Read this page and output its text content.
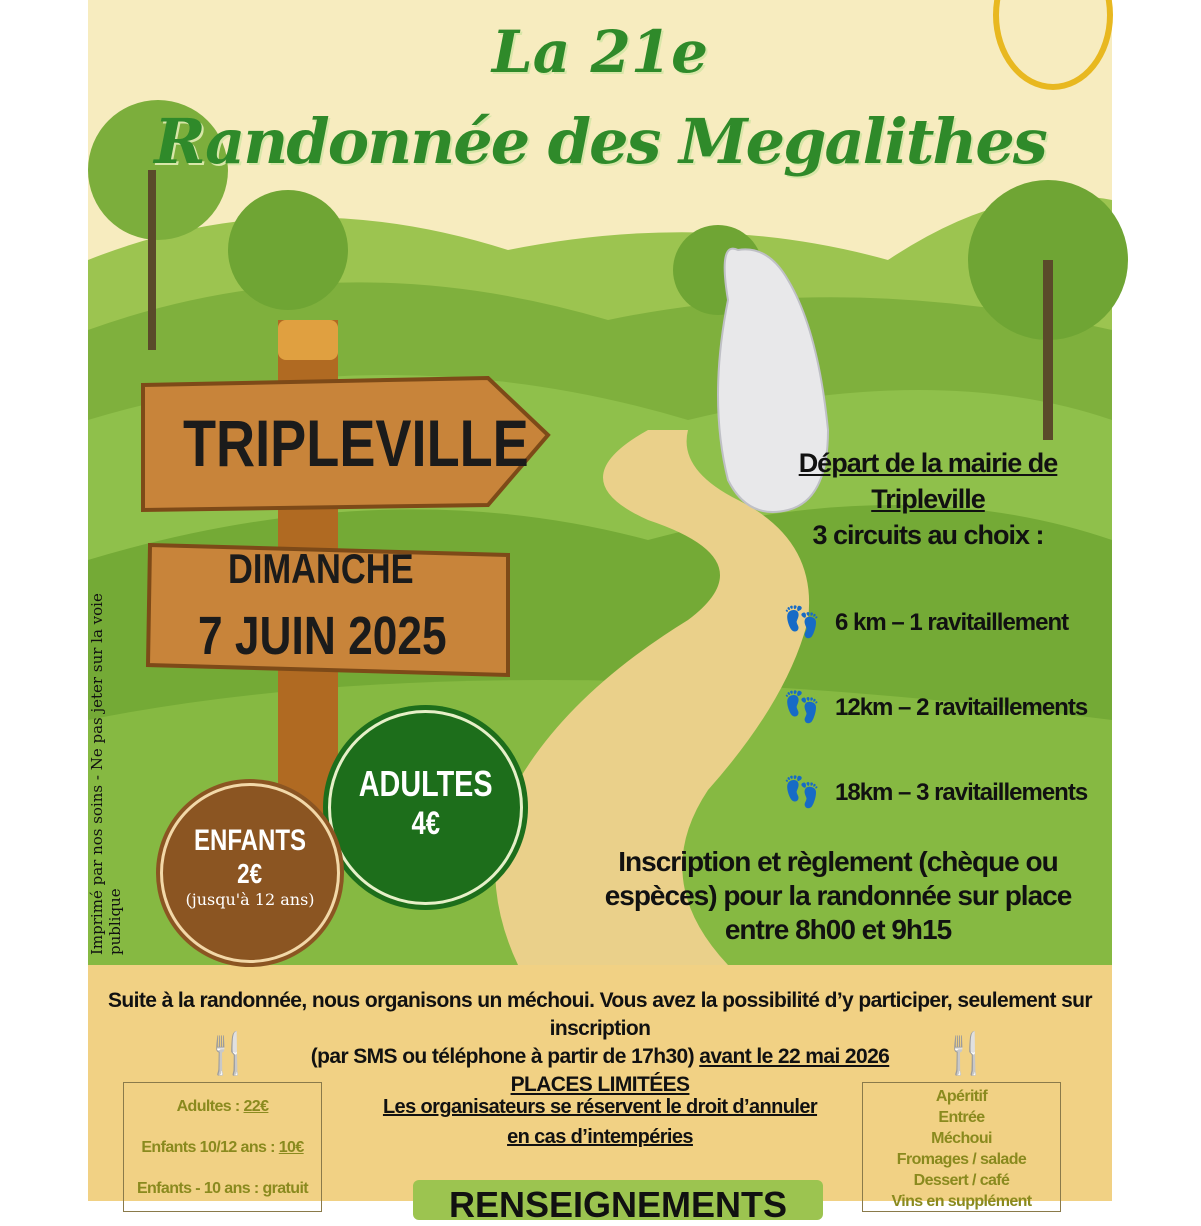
La 21e
Randonnée des Megalithes
TRIPLEVILLE
DIMANCHE
7 JUIN 2025
Imprimé par nos soins - Ne pas jeter sur la voie publique
ADULTES
4€
ENFANTS
2€

(jusqu'à 12 ans)
Départ de la mairie de
Tripleville
3 circuits au choix :
👣 6 km – 1 ravitaillement
👣 12km – 2 ravitaillements
👣 18km – 3 ravitaillements
Inscription et règlement (chèque ou
espèces) pour la randonnée sur place
entre 8h00 et 9h15
Suite à la randonnée, nous organisons un méchoui. Vous avez la possibilité d’y participer, seulement sur inscription
(par SMS ou téléphone à partir de 17h30) avant le 22 mai 2026
PLACES LIMITÉES
🍴	🍴
Adultes : 22€
Enfants 10/12 ans : 10€
Enfants - 10 ans : gratuit
Les organisateurs se réservent le droit d’annuler
en cas d’intempéries
RENSEIGNEMENTS
Apéritif
Entrée
Méchoui
Fromages / salade
Dessert / café
Vins en supplément
